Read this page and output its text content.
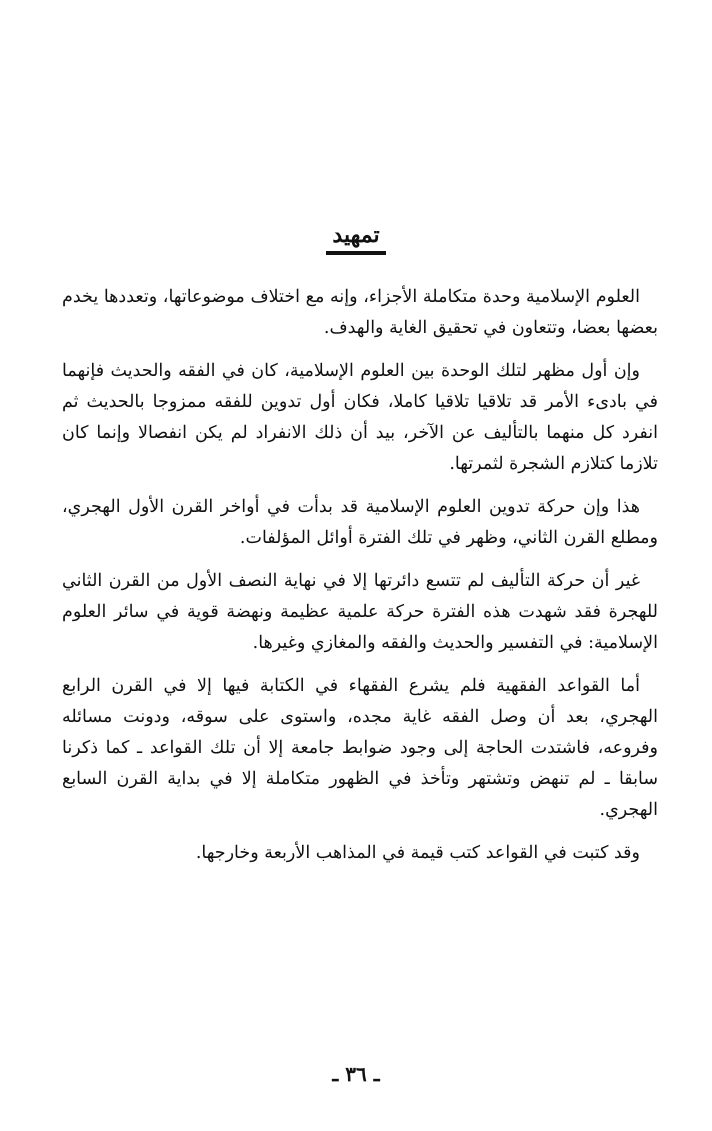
تمهيد

العلوم الإسلامية وحدة متكاملة الأجزاء، وإنه مع اختلاف موضوعاتها، وتعددها يخدم بعضها بعضا، وتتعاون في تحقيق الغاية والهدف.

وإن أول مظهر لتلك الوحدة بين العلوم الإسلامية، كان في الفقه والحديث فإنهما في بادىء الأمر قد تلاقيا تلاقيا كاملا، فكان أول تدوين للفقه ممزوجا بالحديث ثم انفرد كل منهما بالتأليف عن الآخر، بيد أن ذلك الانفراد لم يكن انفصالا وإنما كان تلازما كتلازم الشجرة لثمرتها.

هذا وإن حركة تدوين العلوم الإسلامية قد بدأت في أواخر القرن الأول الهجري، ومطلع القرن الثاني، وظهر في تلك الفترة أوائل المؤلفات.

غير أن حركة التأليف لم تتسع دائرتها إلا في نهاية النصف الأول من القرن الثاني للهجرة فقد شهدت هذه الفترة حركة علمية عظيمة ونهضة قوية في سائر العلوم الإسلامية: في التفسير والحديث والفقه والمغازي وغيرها.

أما القواعد الفقهية فلم يشرع الفقهاء في الكتابة فيها إلا في القرن الرابع الهجري، بعد أن وصل الفقه غاية مجده، واستوى على سوقه، ودونت مسائله وفروعه، فاشتدت الحاجة إلى وجود ضوابط جامعة إلا أن تلك القواعد ـ كما ذكرنا سابقا ـ لم تنهض وتشتهر وتأخذ في الظهور متكاملة إلا في بداية القرن السابع الهجري.

وقد كتبت في القواعد كتب قيمة في المذاهب الأربعة وخارجها.

ـ ٣٦ ـ
